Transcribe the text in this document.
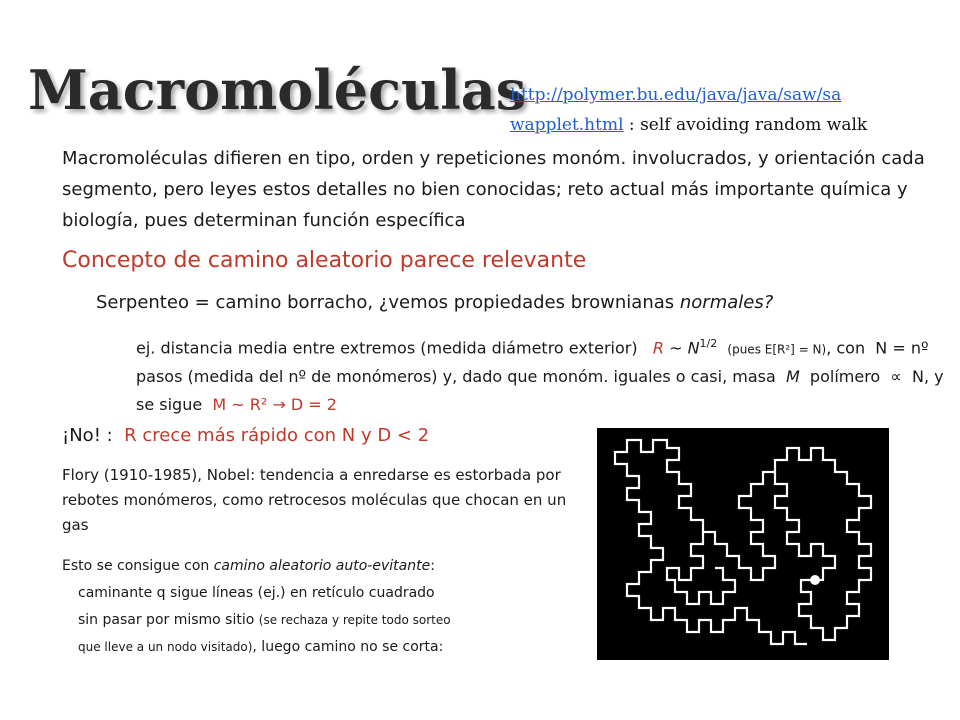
Macromoléculas
http://polymer.bu.edu/java/java/saw/sa
wapplet.html : self avoiding random walk

Macromoléculas difieren en tipo, orden y repeticiones monóm. involucrados, y orientación cada segmento, pero leyes estos detalles no bien conocidas; reto actual más importante química y biología, pues determinan función específica

Concepto de camino aleatorio parece relevante

Serpenteo = camino borracho, ¿vemos propiedades brownianas normales?

ej. distancia media entre extremos (medida diámetro exterior) R ~ $N^{1/2}$ (pues E[R²] = N), con N = nº pasos (medida del nº de monómeros) y, dado que monóm. iguales o casi, masa M polímero ∝ N, y se sigue M ~ R² → D = 2

¡No! : R crece más rápido con N y D < 2

Flory (1910-1985), Nobel: tendencia a enredarse es estorbada por rebotes monómeros, como retrocesos moléculas que chocan en un gas

Esto se consigue con camino aleatorio auto-evitante:
caminante q sigue líneas (ej.) en retículo cuadrado
sin pasar por mismo sitio (se rechaza y repite todo sorteo
que lleve a un nodo visitado), luego camino no se corta:
